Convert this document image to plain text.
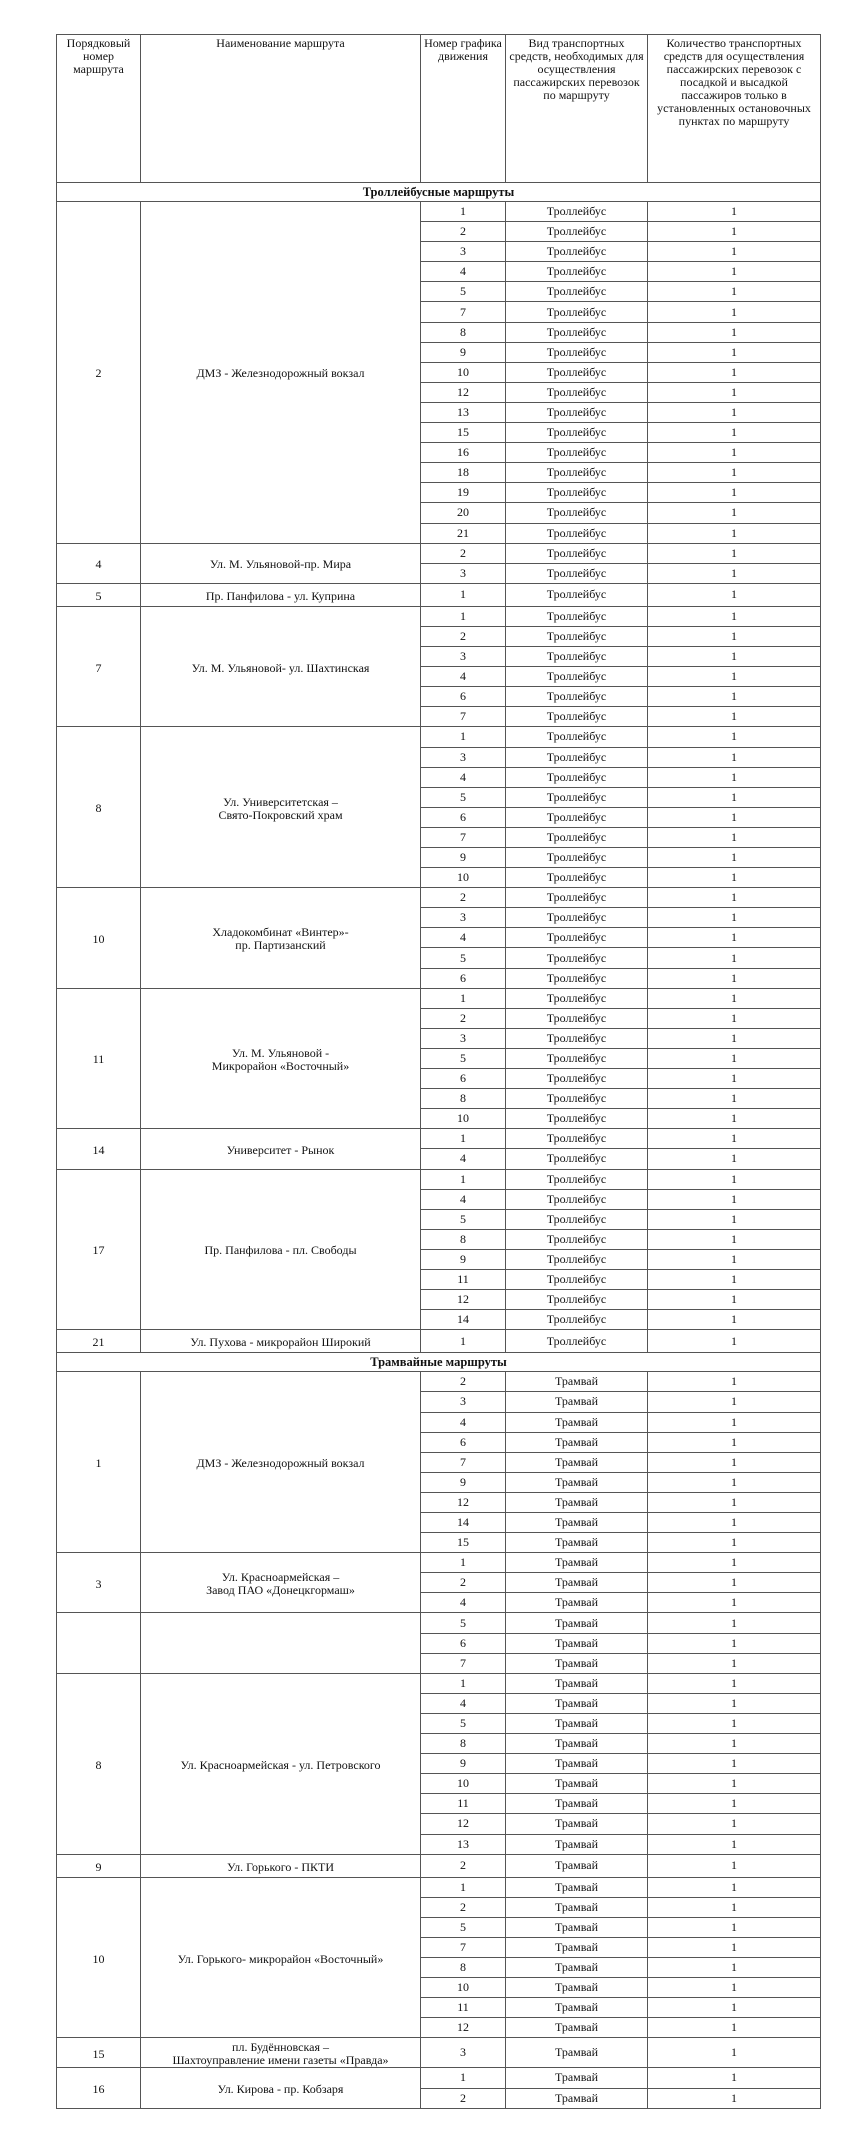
Порядковый номер маршрута	Наименование маршрута	Номер графика движения	Вид транспортных средств, необходимых для осуществления пассажирских перевозок по маршруту	Количество транспортных средств для осуществления пассажирских перевозок с посадкой и высадкой пассажиров только в установленных остановочных пунктах по маршруту
Троллейбусные маршруты				
2	ДМЗ - Железнодорожный вокзал	1	Троллейбус	1
		2	Троллейбус	1
		3	Троллейбус	1
		4	Троллейбус	1
		5	Троллейбус	1
		7	Троллейбус	1
		8	Троллейбус	1
		9	Троллейбус	1
		10	Троллейбус	1
		12	Троллейбус	1
		13	Троллейбус	1
		15	Троллейбус	1
		16	Троллейбус	1
		18	Троллейбус	1
		19	Троллейбус	1
		20	Троллейбус	1
		21	Троллейбус	1
4	Ул. М. Ульяновой-пр. Мира	2	Троллейбус	1
		3	Троллейбус	1
5	Пр. Панфилова - ул. Куприна	1	Троллейбус	1
7	Ул. М. Ульяновой- ул. Шахтинская	1	Троллейбус	1
		2	Троллейбус	1
		3	Троллейбус	1
		4	Троллейбус	1
		6	Троллейбус	1
		7	Троллейбус	1
8	Ул. Университетская –
Свято-Покровский храм	1	Троллейбус	1
		3	Троллейбус	1
		4	Троллейбус	1
		5	Троллейбус	1
		6	Троллейбус	1
		7	Троллейбус	1
		9	Троллейбус	1
		10	Троллейбус	1
10	Хладокомбинат «Винтер»-
пр. Партизанский	2	Троллейбус	1
		3	Троллейбус	1
		4	Троллейбус	1
		5	Троллейбус	1
		6	Троллейбус	1
11	Ул. М. Ульяновой -
Микрорайон «Восточный»	1	Троллейбус	1
		2	Троллейбус	1
		3	Троллейбус	1
		5	Троллейбус	1
		6	Троллейбус	1
		8	Троллейбус	1
		10	Троллейбус	1
14	Университет - Рынок	1	Троллейбус	1
		4	Троллейбус	1
17	Пр. Панфилова - пл. Свободы	1	Троллейбус	1
		4	Троллейбус	1
		5	Троллейбус	1
		8	Троллейбус	1
		9	Троллейбус	1
		11	Троллейбус	1
		12	Троллейбус	1
		14	Троллейбус	1
21	Ул. Пухова - микрорайон Широкий	1	Троллейбус	1
Трамвайные маршруты				
1	ДМЗ - Железнодорожный вокзал	2	Трамвай	1
		3	Трамвай	1
		4	Трамвай	1
		6	Трамвай	1
		7	Трамвай	1
		9	Трамвай	1
		12	Трамвай	1
		14	Трамвай	1
		15	Трамвай	1
3	Ул. Красноармейская –
Завод ПАО «Донецкгормаш»	1	Трамвай	1
		2	Трамвай	1
		4	Трамвай	1
		5	Трамвай	1
		6	Трамвай	1
		7	Трамвай	1
8	Ул. Красноармейская - ул. Петровского	1	Трамвай	1
		4	Трамвай	1
		5	Трамвай	1
		8	Трамвай	1
		9	Трамвай	1
		10	Трамвай	1
		11	Трамвай	1
		12	Трамвай	1
		13	Трамвай	1
9	Ул. Горького - ПКТИ	2	Трамвай	1
10	Ул. Горького- микрорайон «Восточный»	1	Трамвай	1
		2	Трамвай	1
		5	Трамвай	1
		7	Трамвай	1
		8	Трамвай	1
		10	Трамвай	1
		11	Трамвай	1
		12	Трамвай	1
15	пл. Будённовская –
Шахтоуправление имени газеты «Правда»	3	Трамвай	1
16	Ул. Кирова - пр. Кобзаря	1	Трамвай	1
		2	Трамвай	1
